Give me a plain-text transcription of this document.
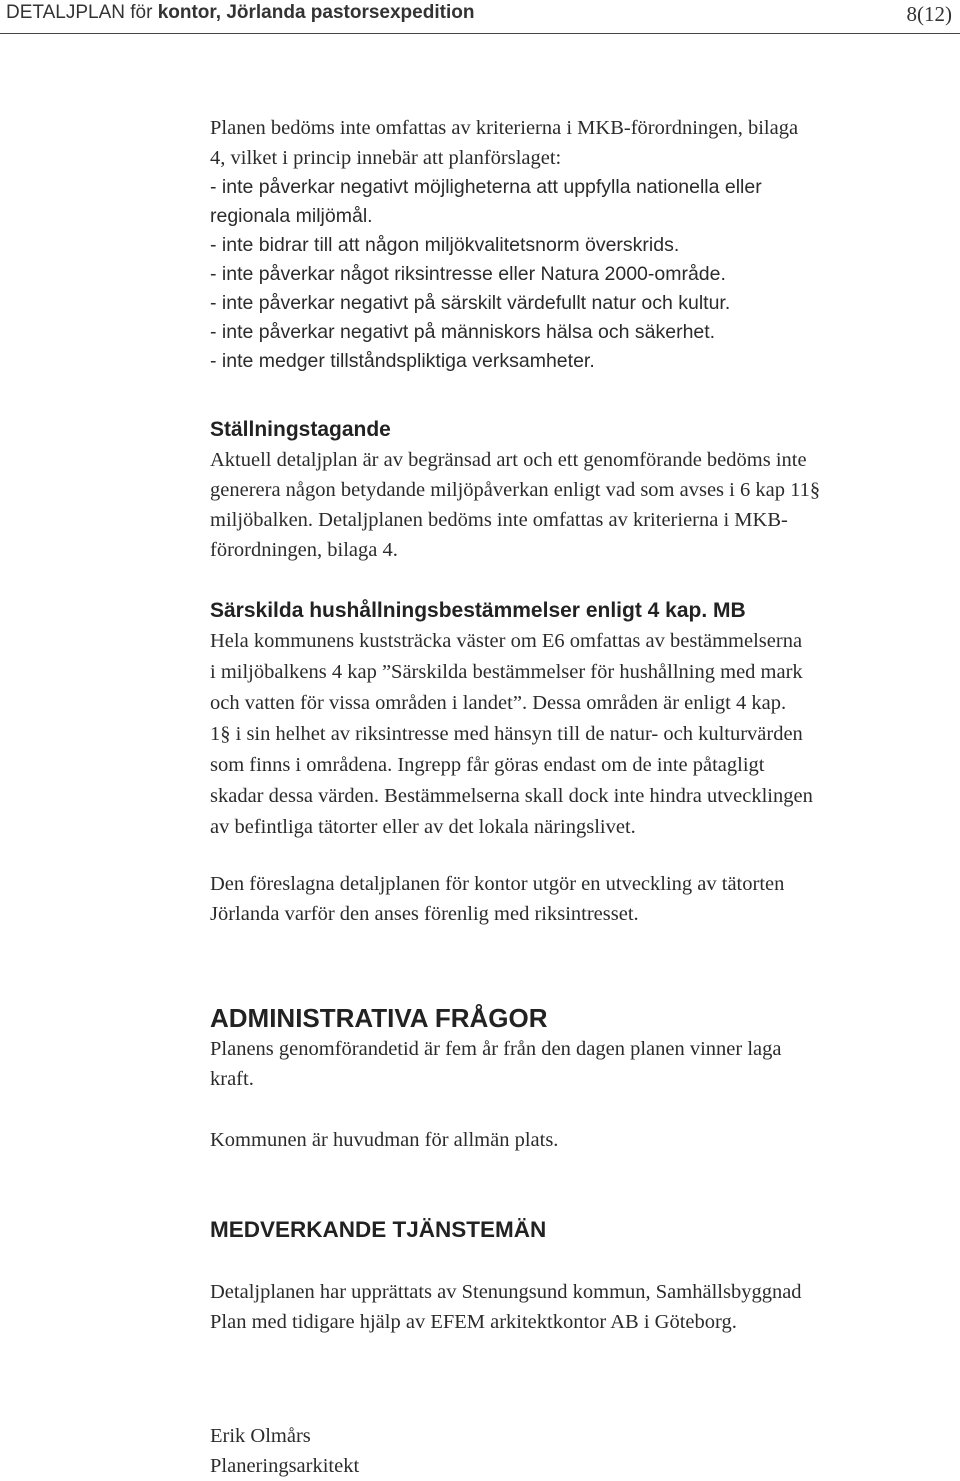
DETALJPLAN för kontor, Jörlanda pastorsexpedition	8(12)
Planen bedöms inte omfattas av kriterierna i MKB-förordningen, bilaga
4, vilket i princip innebär att planförslaget:
- inte påverkar negativt möjligheterna att uppfylla nationella eller
regionala miljömål.
- inte bidrar till att någon miljökvalitetsnorm överskrids.
- inte påverkar något riksintresse eller Natura 2000-område.
- inte påverkar negativt på särskilt värdefullt natur och kultur.
- inte påverkar negativt på människors hälsa och säkerhet.
- inte medger tillståndspliktiga verksamheter.
Ställningstagande
Aktuell detaljplan är av begränsad art och ett genomförande bedöms inte
generera någon betydande miljöpåverkan enligt vad som avses i 6 kap 11§
miljöbalken. Detaljplanen bedöms inte omfattas av kriterierna i MKB-
förordningen, bilaga 4.
Särskilda hushållningsbestämmelser enligt 4 kap. MB
Hela kommunens kuststräcka väster om E6 omfattas av bestämmelserna
i miljöbalkens 4 kap ”Särskilda bestämmelser för hushållning med mark
och vatten för vissa områden i landet”. Dessa områden är enligt 4 kap.
1§ i sin helhet av riksintresse med hänsyn till de natur- och kulturvärden
som finns i områdena. Ingrepp får göras endast om de inte påtagligt
skadar dessa värden. Bestämmelserna skall dock inte hindra utvecklingen
av befintliga tätorter eller av det lokala näringslivet.
Den föreslagna detaljplanen för kontor utgör en utveckling av tätorten
Jörlanda varför den anses förenlig med riksintresset.
ADMINISTRATIVA FRÅGOR
Planens genomförandetid är fem år från den dagen planen vinner laga
kraft.
Kommunen är huvudman för allmän plats.
MEDVERKANDE TJÄNSTEMÄN
Detaljplanen har upprättats av Stenungsund kommun, Samhällsbyggnad
Plan med tidigare hjälp av EFEM arkitektkontor AB i Göteborg.
Erik Olmårs
Planeringsarkitekt
